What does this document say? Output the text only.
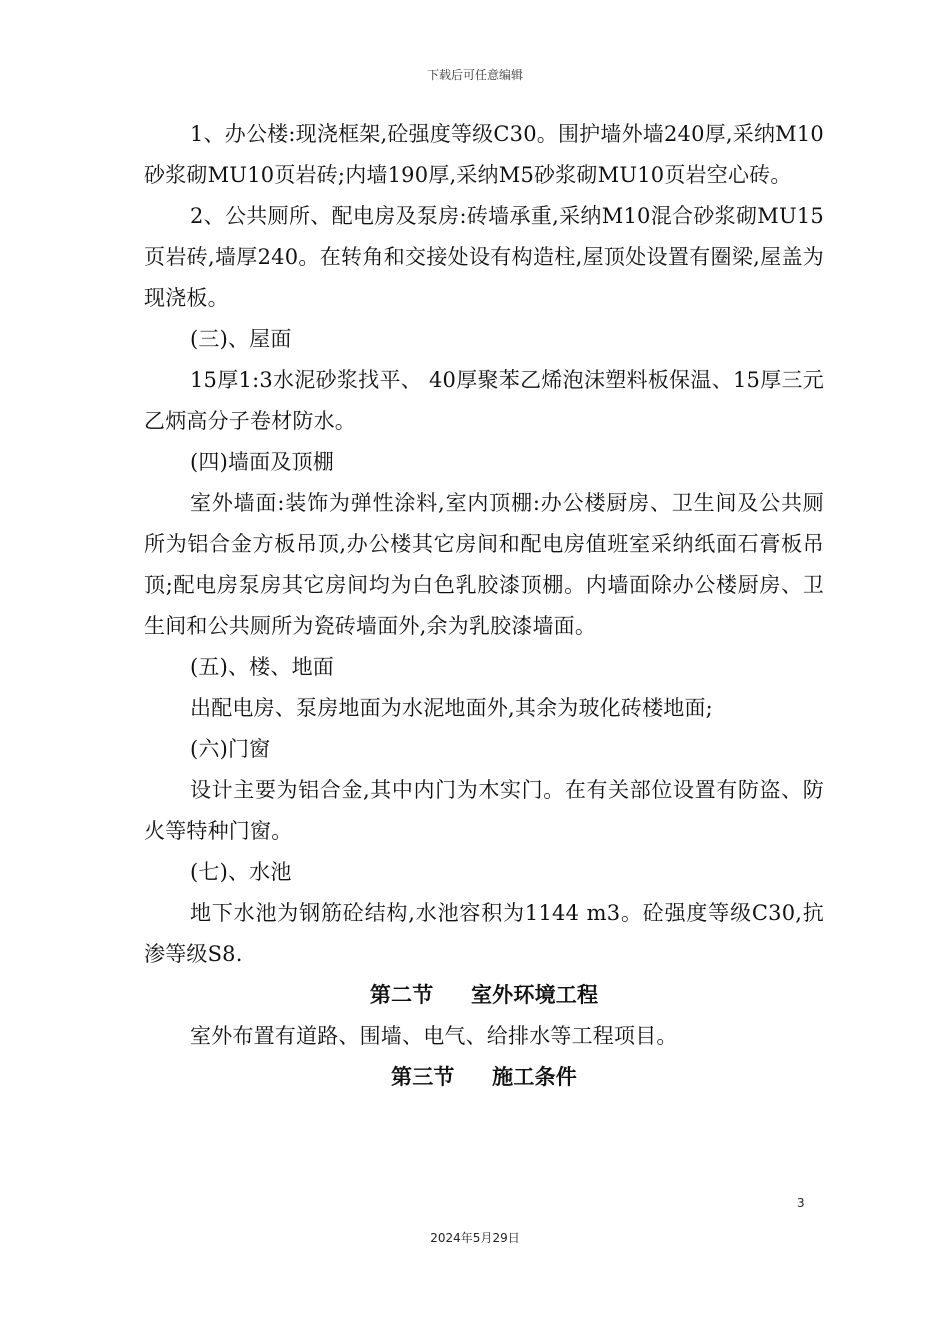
下载后可任意编辑

1、办公楼:现浇框架,砼强度等级C30。围护墙外墙240厚,采纳M10砂浆砌MU10页岩砖;内墙190厚,采纳M5砂浆砌MU10页岩空心砖。

2、公共厕所、配电房及泵房:砖墙承重,采纳M10混合砂浆砌MU15页岩砖,墙厚240。在转角和交接处设有构造柱,屋顶处设置有圈梁,屋盖为现浇板。

(三)、屋面

15厚1:3水泥砂浆找平、 40厚聚苯乙烯泡沫塑料板保温、15厚三元乙炳高分子卷材防水。

(四)墙面及顶棚

室外墙面:装饰为弹性涂料,室内顶棚:办公楼厨房、卫生间及公共厕所为铝合金方板吊顶,办公楼其它房间和配电房值班室采纳纸面石膏板吊顶;配电房泵房其它房间均为白色乳胶漆顶棚。内墙面除办公楼厨房、卫生间和公共厕所为瓷砖墙面外,余为乳胶漆墙面。

(五)、楼、地面

出配电房、泵房地面为水泥地面外,其余为玻化砖楼地面;

(六)门窗

设计主要为铝合金,其中内门为木实门。在有关部位设置有防盗、防火等特种门窗。

(七)、水池

地下水池为钢筋砼结构,水池容积为1144 m3。砼强度等级C30,抗渗等级S8.

第二节     室外环境工程

室外布置有道路、围墙、电气、给排水等工程项目。

第三节     施工条件
3
2024年5月29日
